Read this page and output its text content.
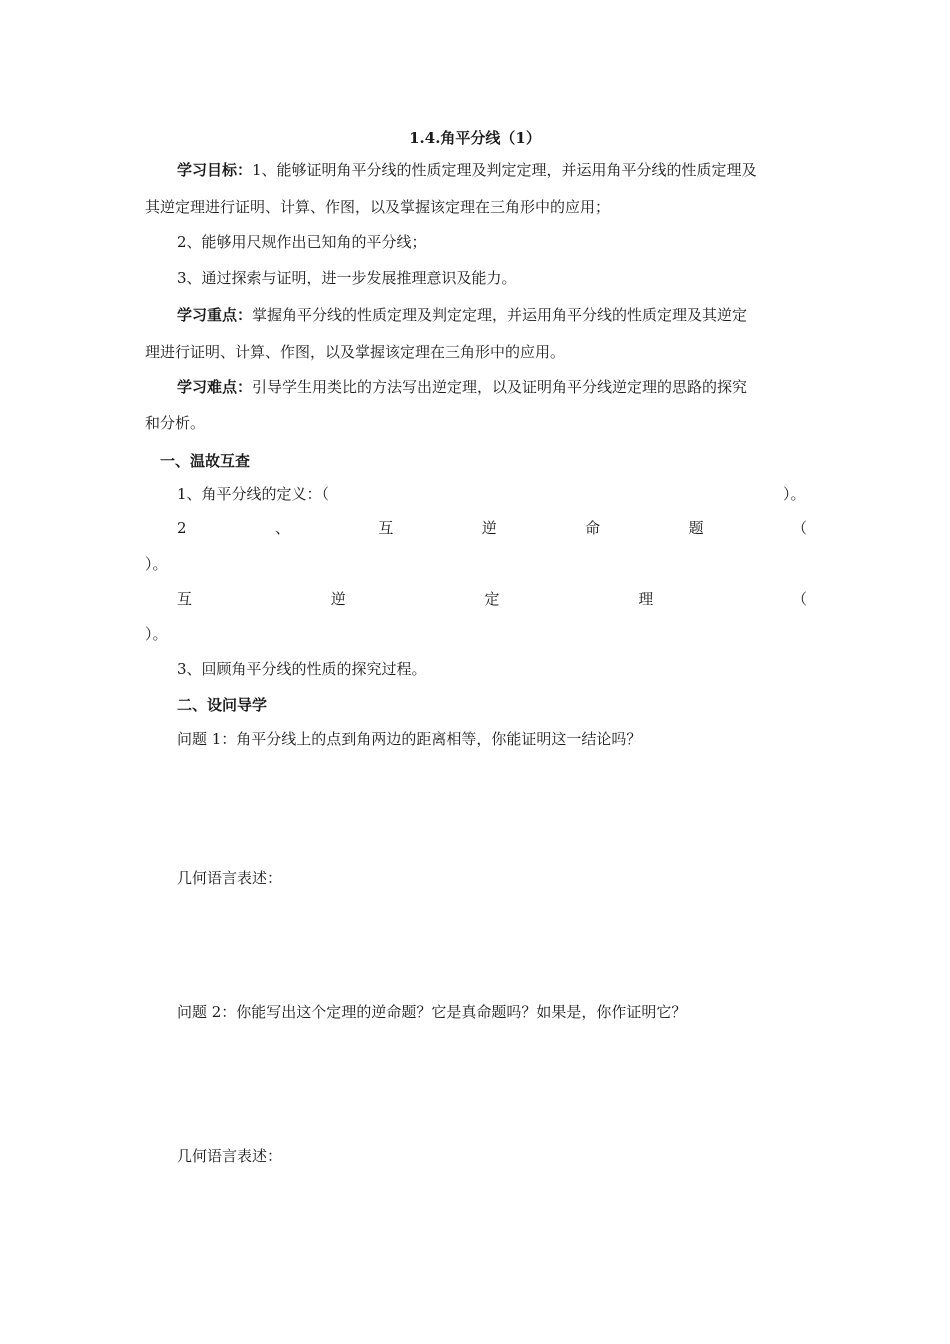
1.4.角平分线（1）
学习目标：1、能够证明角平分线的性质定理及判定定理，并运用角平分线的性质定理及
其逆定理进行证明、计算、作图，以及掌握该定理在三角形中的应用；
2、能够用尺规作出已知角的平分线；
3、通过探索与证明，进一步发展推理意识及能力。
学习重点：掌握角平分线的性质定理及判定定理，并运用角平分线的性质定理及其逆定
理进行证明、计算、作图，以及掌握该定理在三角形中的应用。
学习难点：引导学生用类比的方法写出逆定理，以及证明角平分线逆定理的思路的探究
和分析。
一、温故互查
1、角平分线的定义：（	）。
2	、	互	逆	命	题	（
）。
互	逆	定	理	（
）。
3、回顾角平分线的性质的探究过程。
二、设问导学
问题 1：角平分线上的点到角两边的距离相等，你能证明这一结论吗？
几何语言表述：
问题 2：你能写出这个定理的逆命题？它是真命题吗？如果是，你作证明它？
几何语言表述：
